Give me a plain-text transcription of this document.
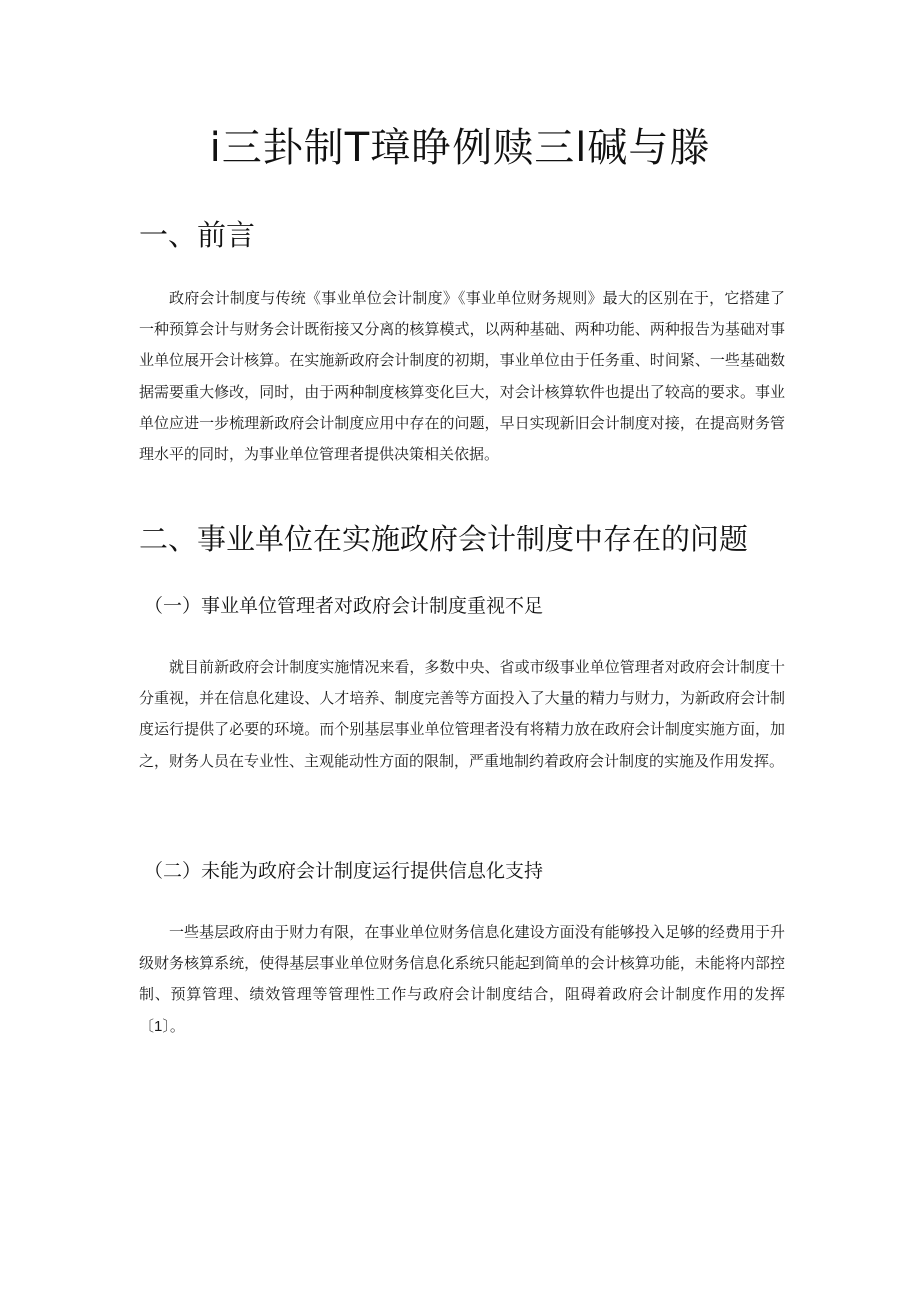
i三卦制T璋睁例赎三l碱与滕
一、前言

政府会计制度与传统《事业单位会计制度》《事业单位财务规则》最大的区别在于，它搭建了一种预算会计与财务会计既衔接又分离的核算模式，以两种基础、两种功能、两种报告为基础对事业单位展开会计核算。在实施新政府会计制度的初期，事业单位由于任务重、时间紧、一些基础数据需要重大修改，同时，由于两种制度核算变化巨大，对会计核算软件也提出了较高的要求。事业单位应进一步梳理新政府会计制度应用中存在的问题，早日实现新旧会计制度对接，在提高财务管理水平的同时，为事业单位管理者提供决策相关依据。

二、事业单位在实施政府会计制度中存在的问题
（一）事业单位管理者对政府会计制度重视不足

就目前新政府会计制度实施情况来看，多数中央、省或市级事业单位管理者对政府会计制度十分重视，并在信息化建设、人才培养、制度完善等方面投入了大量的精力与财力，为新政府会计制度运行提供了必要的环境。而个别基层事业单位管理者没有将精力放在政府会计制度实施方面，加之，财务人员在专业性、主观能动性方面的限制，严重地制约着政府会计制度的实施及作用发挥。

（二）未能为政府会计制度运行提供信息化支持

一些基层政府由于财力有限，在事业单位财务信息化建设方面没有能够投入足够的经费用于升级财务核算系统，使得基层事业单位财务信息化系统只能起到简单的会计核算功能，未能将内部控制、预算管理、绩效管理等管理性工作与政府会计制度结合，阻碍着政府会计制度作用的发挥〔1〕。
